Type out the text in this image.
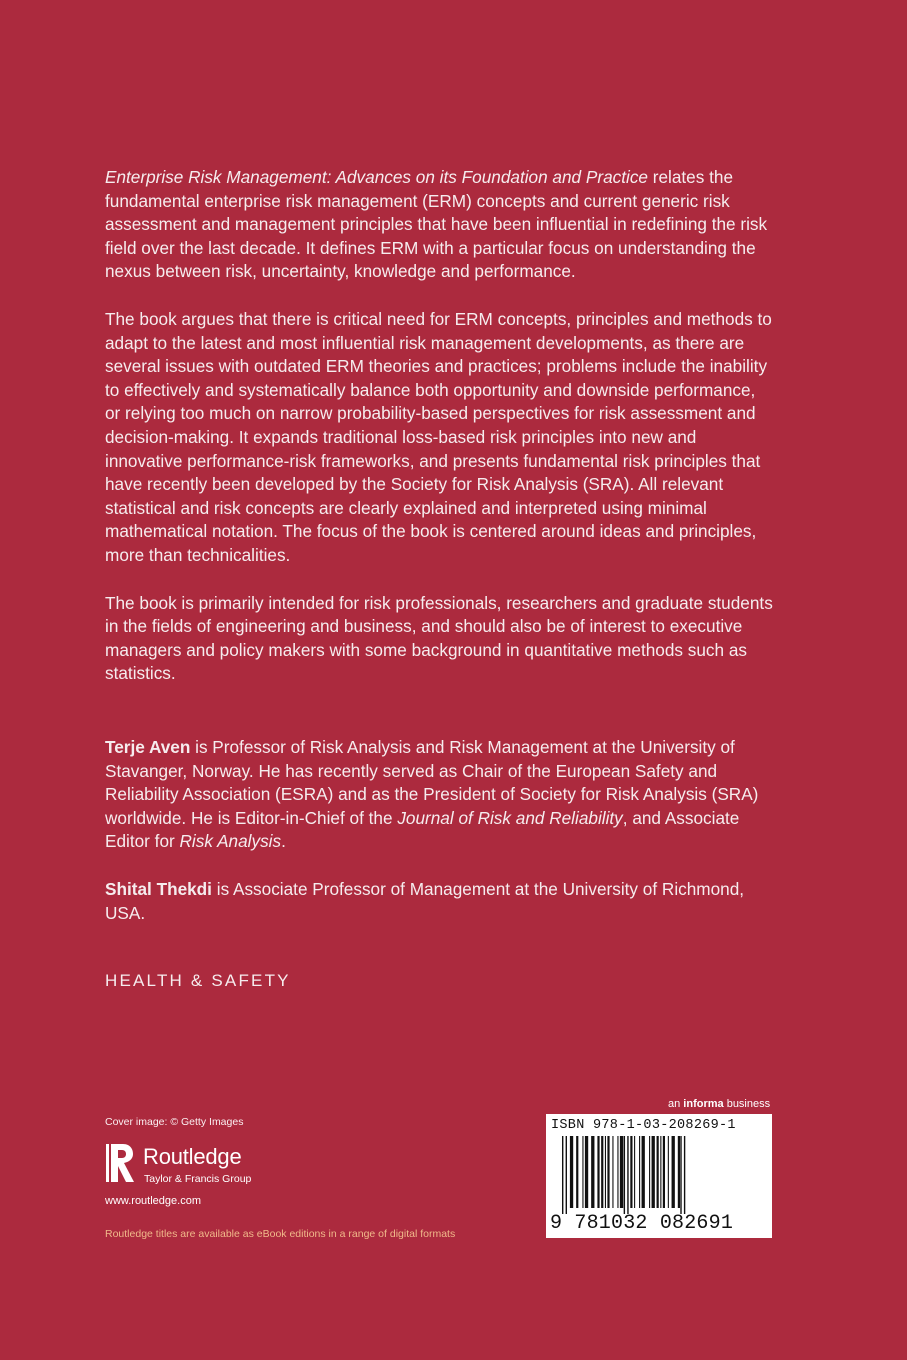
Enterprise Risk Management: Advances on its Foundation and Practice relates the fundamental enterprise risk management (ERM) concepts and current generic risk assessment and management principles that have been influential in redefining the risk field over the last decade. It defines ERM with a particular focus on understanding the nexus between risk, uncertainty, knowledge and performance.

The book argues that there is critical need for ERM concepts, principles and methods to adapt to the latest and most influential risk management developments, as there are several issues with outdated ERM theories and practices; problems include the inability to effectively and systematically balance both opportunity and downside performance, or relying too much on narrow probability-based perspectives for risk assessment and decision-making. It expands traditional loss-based risk principles into new and innovative performance-risk frameworks, and presents fundamental risk principles that have recently been developed by the Society for Risk Analysis (SRA). All relevant statistical and risk concepts are clearly explained and interpreted using minimal mathematical notation. The focus of the book is centered around ideas and principles, more than technicalities.

The book is primarily intended for risk professionals, researchers and graduate students in the fields of engineering and business, and should also be of interest to executive managers and policy makers with some background in quantitative methods such as statistics.

Terje Aven is Professor of Risk Analysis and Risk Management at the University of Stavanger, Norway. He has recently served as Chair of the European Safety and Reliability Association (ESRA) and as the President of Society for Risk Analysis (SRA) worldwide. He is Editor-in-Chief of the Journal of Risk and Reliability, and Associate Editor for Risk Analysis.

Shital Thekdi is Associate Professor of Management at the University of Richmond, USA.

HEALTH & SAFETY
Cover image: © Getty Images
Routledge
Taylor & Francis Group
www.routledge.com
Routledge titles are available as eBook editions in a range of digital formats
an informa business
ISBN 978-1-03-208269-1
9 781032 082691
